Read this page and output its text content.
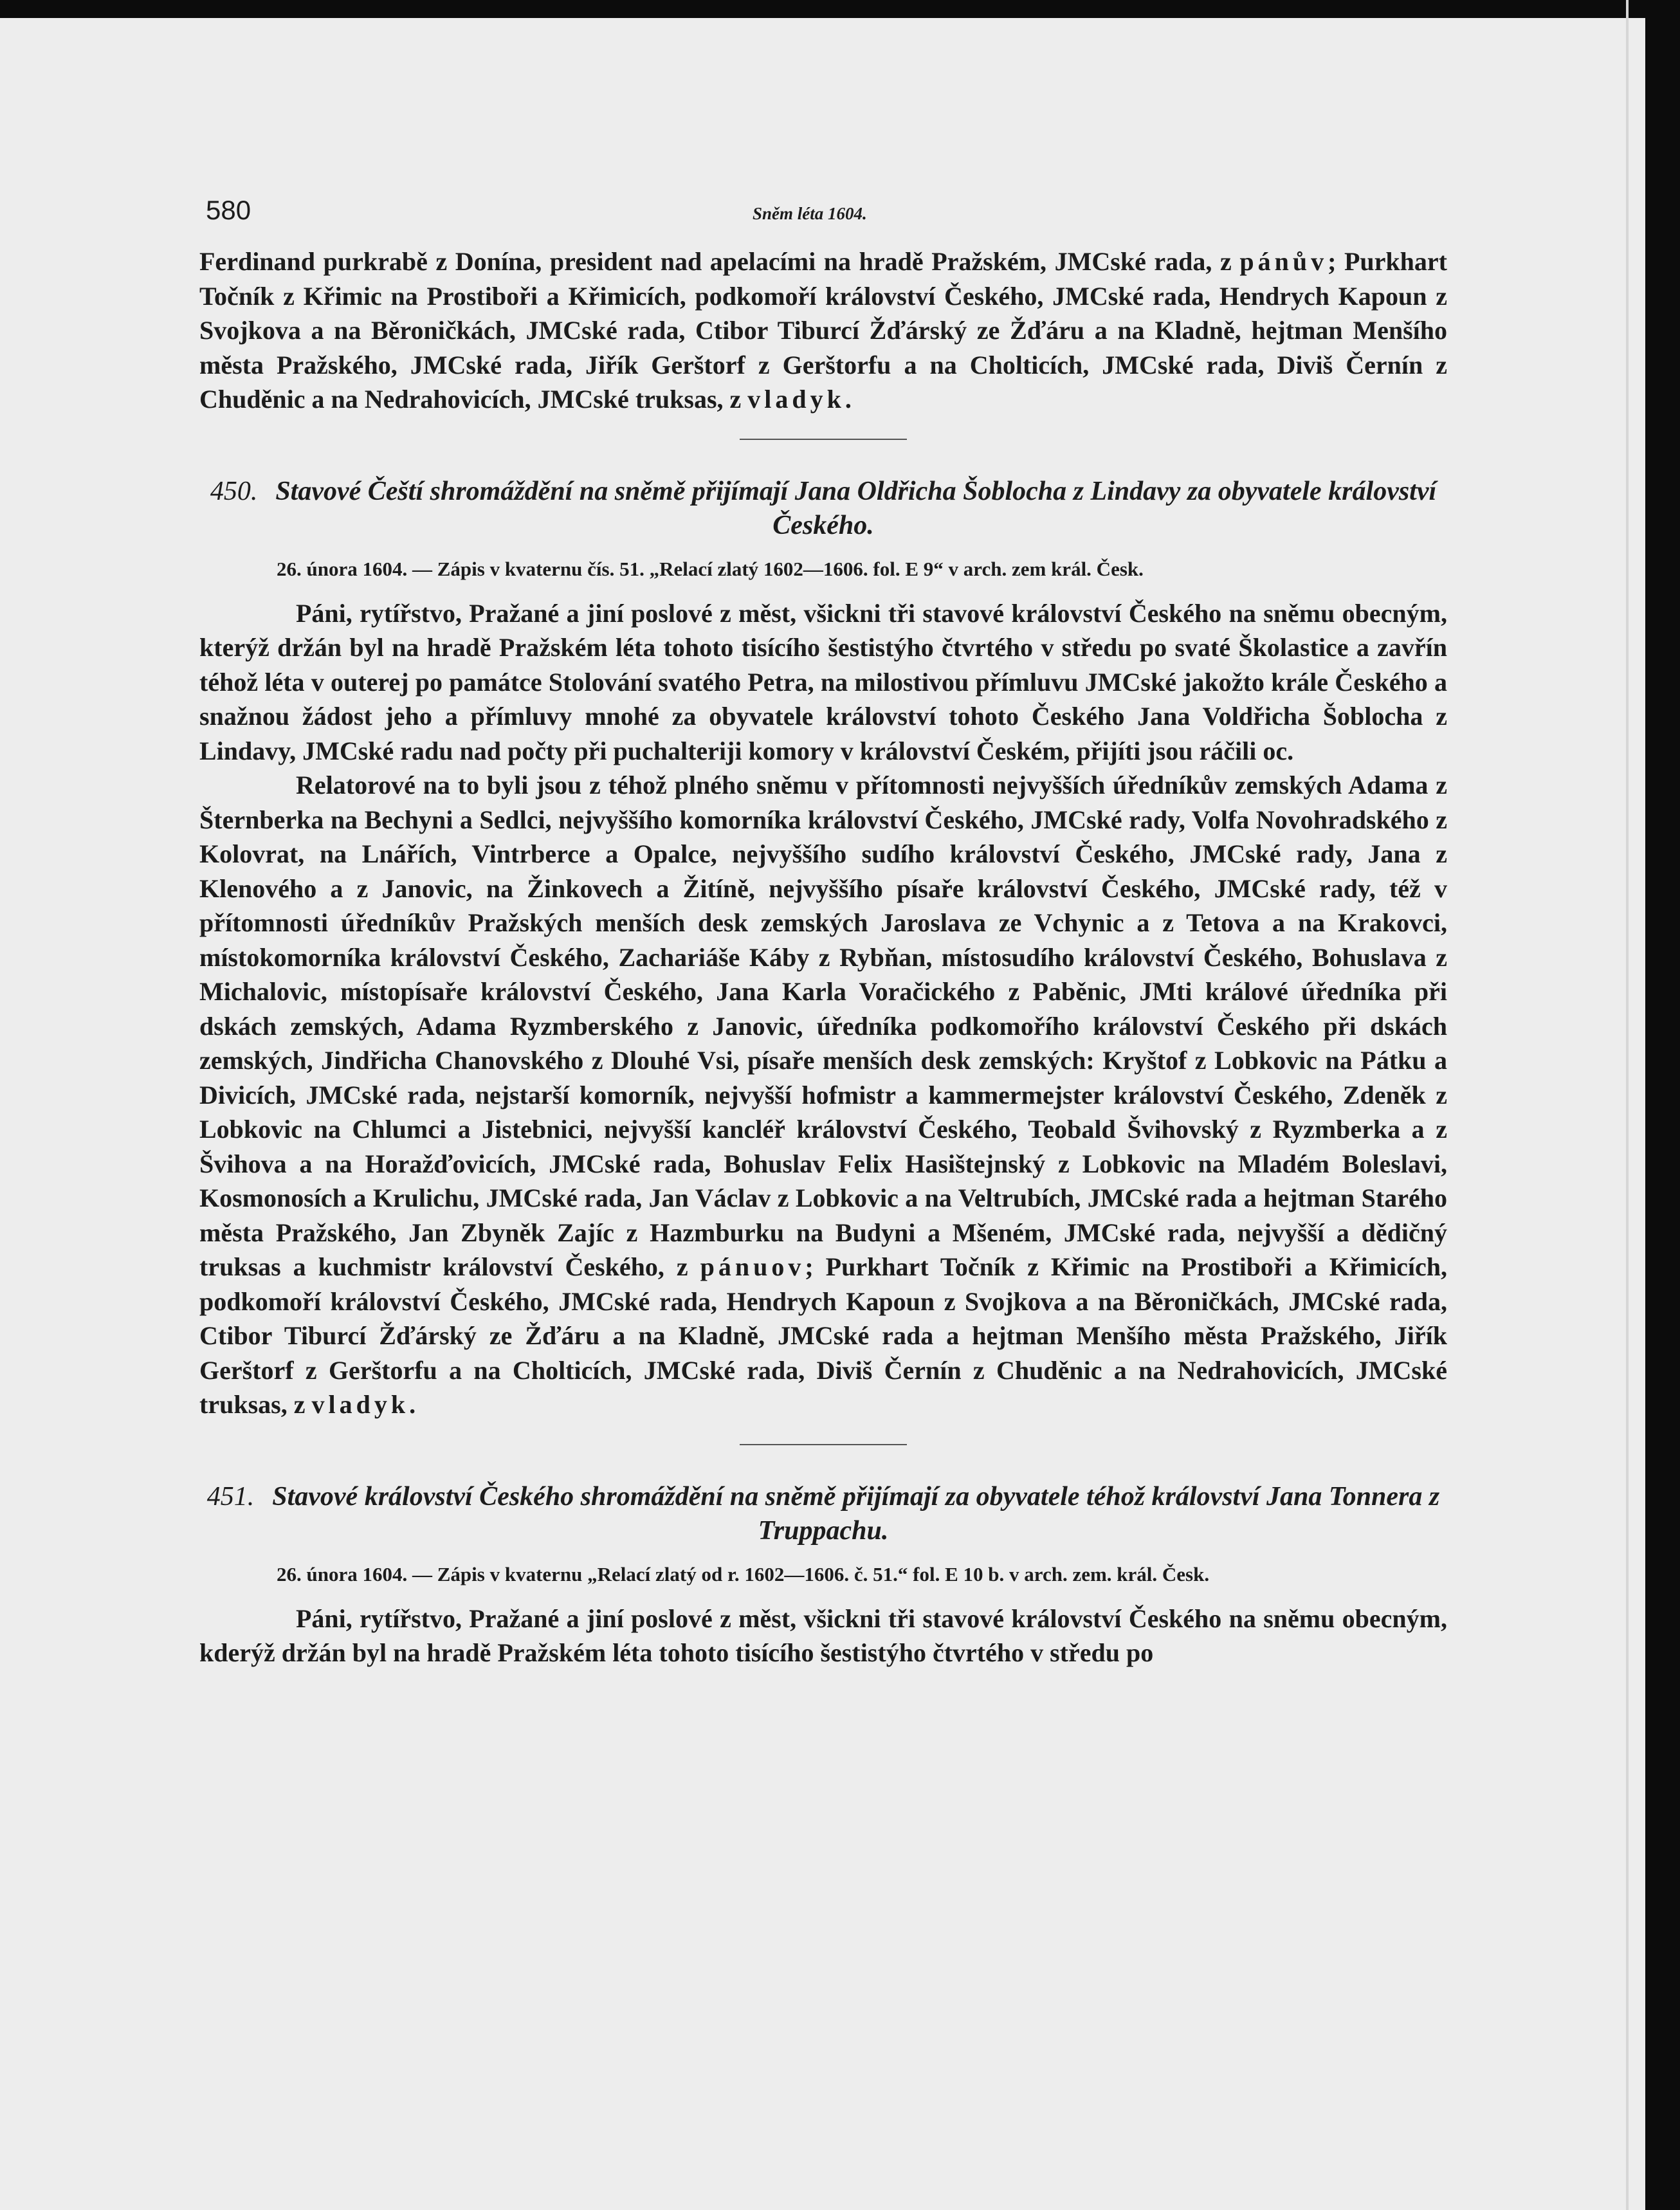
580	Sněm léta 1604.

Ferdinand purkrabě z Donína, president nad apelacími na hradě Pražském, JMCské rada, z pánův; Purkhart Točník z Křimic na Prostiboři a Křimicích, podkomoří království Českého, JMCské rada, Hendrych Kapoun z Svojkova a na Běroničkách, JMCské rada, Ctibor Tiburcí Žďárský ze Žďáru a na Kladně, hejtman Menšího města Pražského, JMCské rada, Jiřík Gerštorf z Gerštorfu a na Cholticích, JMCské rada, Diviš Černín z Chuděnic a na Nedrahovicích, JMCské truksas, z vladyk.

450. Stavové Čeští shromáždění na sněmě přijímají Jana Oldřicha Šoblocha z Lindavy za obyvatele království Českého.

26. února 1604. — Zápis v kvaternu čís. 51. „Relací zlatý 1602—1606. fol. E 9“ v arch. zem král. Česk.

Páni, rytířstvo, Pražané a jiní poslové z měst, všickni tři stavové království Českého na sněmu obecným, kterýž držán byl na hradě Pražském léta tohoto tisícího šestistýho čtvrtého v středu po svaté Školastice a zavřín téhož léta v outerej po památce Stolování svatého Petra, na milostivou přímluvu JMCské jakožto krále Českého a snažnou žádost jeho a přímluvy mnohé za obyvatele království tohoto Českého Jana Voldřicha Šoblocha z Lindavy, JMCské radu nad počty při puchalteriji komory v království Českém, přijíti jsou ráčili oc.

Relatorové na to byli jsou z téhož plného sněmu v přítomnosti nejvyšších úředníkův zemských Adama z Šternberka na Bechyni a Sedlci, nejvyššího komorníka království Českého, JMCské rady, Volfa Novohradského z Kolovrat, na Lnářích, Vintrberce a Opalce, nejvyššího sudího království Českého, JMCské rady, Jana z Klenového a z Janovic, na Žinkovech a Žitíně, nejvyššího písaře království Českého, JMCské rady, též v přítomnosti úředníkův Pražských menších desk zemských Jaroslava ze Vchynic a z Tetova a na Krakovci, místokomorníka království Českého, Zachariáše Káby z Rybňan, místosudího království Českého, Bohuslava z Michalovic, místopísaře království Českého, Jana Karla Voračického z Paběnic, JMti králové úředníka při dskách zemských, Adama Ryzmberského z Janovic, úředníka podkomořího království Českého při dskách zemských, Jindřicha Chanovského z Dlouhé Vsi, písaře menších desk zemských: Kryštof z Lobkovic na Pátku a Divicích, JMCské rada, nejstarší komorník, nejvyšší hofmistr a kammermejster království Českého, Zdeněk z Lobkovic na Chlumci a Jistebnici, nejvyšší kancléř království Českého, Teobald Švihovský z Ryzmberka a z Švihova a na Horažďovicích, JMCské rada, Bohuslav Felix Hasištejnský z Lobkovic na Mladém Boleslavi, Kosmonosích a Krulichu, JMCské rada, Jan Václav z Lobkovic a na Veltrubích, JMCské rada a hejtman Starého města Pražského, Jan Zbyněk Zajíc z Hazmburku na Budyni a Mšeném, JMCské rada, nejvyšší a dědičný truksas a kuchmistr království Českého, z pánuov; Purkhart Točník z Křimic na Prostiboři a Křimicích, podkomoří království Českého, JMCské rada, Hendrych Kapoun z Svojkova a na Běroničkách, JMCské rada, Ctibor Tiburcí Žďárský ze Žďáru a na Kladně, JMCské rada a hejtman Menšího města Pražského, Jiřík Gerštorf z Gerštorfu a na Cholticích, JMCské rada, Diviš Černín z Chuděnic a na Nedrahovicích, JMCské truksas, z vladyk.

451. Stavové království Českého shromáždění na sněmě přijímají za obyvatele téhož království Jana Tonnera z Truppachu.

26. února 1604. — Zápis v kvaternu „Relací zlatý od r. 1602—1606. č. 51.“ fol. E 10 b. v arch. zem. král. Česk.

Páni, rytířstvo, Pražané a jiní poslové z měst, všickni tři stavové království Českého na sněmu obecným, kderýž držán byl na hradě Pražském léta tohoto tisícího šestistýho čtvrtého v středu po
